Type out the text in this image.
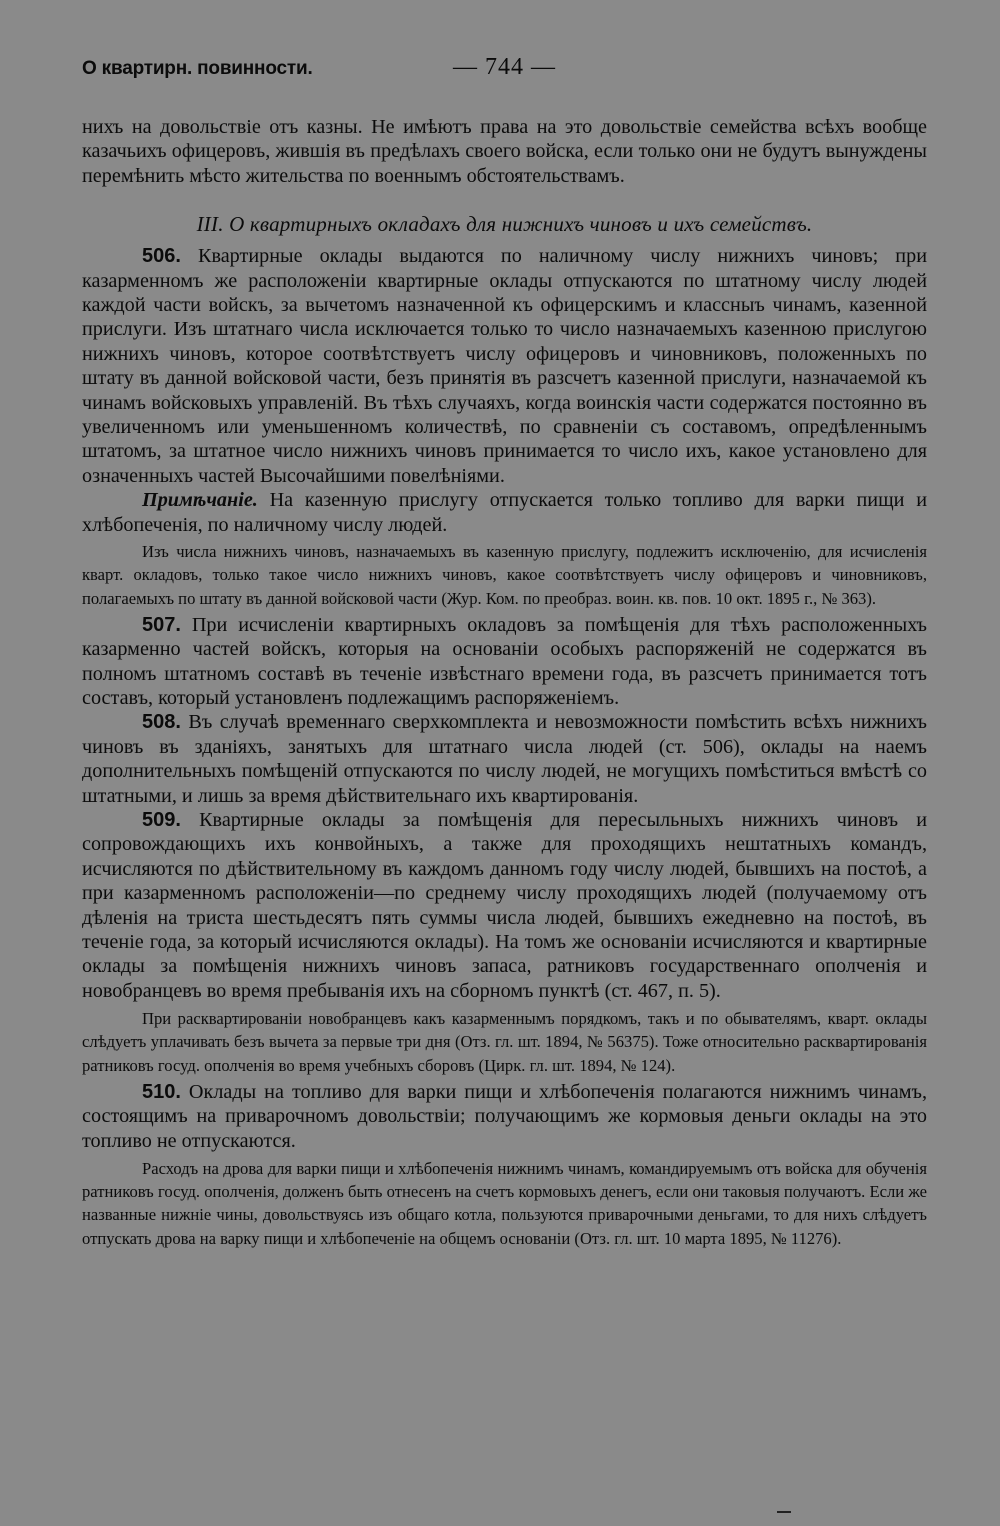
О квартирн. повинности.	— 744 —

нихъ на довольствіе отъ казны. Не имѣютъ права на это довольствіе семейства всѣхъ вообще казачьихъ офицеровъ, жившія въ предѣлахъ своего войска, если только они не будутъ вынуждены перемѣнить мѣсто жительства по военнымъ обстоятельствамъ.

III. О квартирныхъ окладахъ для нижнихъ чиновъ и ихъ семействъ.

506. Квартирные оклады выдаются по наличному числу нижнихъ чиновъ; при казарменномъ же расположеніи квартирные оклады отпускаются по штатному числу людей каждой части войскъ, за вычетомъ назначенной къ офицерскимъ и классныъ чинамъ, казенной прислуги. Изъ штатнаго числа исключается только то число назначаемыхъ казенною прислугою нижнихъ чиновъ, которое соотвѣтствуетъ числу офицеровъ и чиновниковъ, положенныхъ по штату въ данной войсковой части, безъ принятія въ разсчетъ казенной прислуги, назначаемой къ чинамъ войсковыхъ управленій. Въ тѣхъ случаяхъ, когда воинскія части содержатся постоянно въ увеличенномъ или уменьшенномъ количествѣ, по сравненіи съ составомъ, опредѣленнымъ штатомъ, за штатное число нижнихъ чиновъ принимается то число ихъ, какое установлено для означенныхъ частей Высочайшими повелѣніями.

Примѣчаніе. На казенную прислугу отпускается только топливо для варки пищи и хлѣбопеченія, по наличному числу людей.

Изъ числа нижнихъ чиновъ, назначаемыхъ въ казенную прислугу, подлежитъ исключенію, для исчисленія кварт. окладовъ, только такое число нижнихъ чиновъ, какое соотвѣтствуетъ числу офицеровъ и чиновниковъ, полагаемыхъ по штату въ данной войсковой части (Жур. Ком. по преобраз. воин. кв. пов. 10 окт. 1895 г., № 363).

507. При исчисленіи квартирныхъ окладовъ за помѣщенія для тѣхъ расположенныхъ казарменно частей войскъ, которыя на основаніи особыхъ распоряженій не содержатся въ полномъ штатномъ составѣ въ теченіе извѣстнаго времени года, въ разсчетъ принимается тотъ составъ, который установленъ подлежащимъ распоряженіемъ.

508. Въ случаѣ временнаго сверхкомплекта и невозможности помѣстить всѣхъ нижнихъ чиновъ въ зданіяхъ, занятыхъ для штатнаго числа людей (ст. 506), оклады на наемъ дополнительныхъ помѣщеній отпускаются по числу людей, не могущихъ помѣститься вмѣстѣ со штатными, и лишь за время дѣйствительнаго ихъ квартированія.

509. Квартирные оклады за помѣщенія для пересыльныхъ нижнихъ чиновъ и сопровождающихъ ихъ конвойныхъ, а также для проходящихъ нештатныхъ командъ, исчисляются по дѣйствительному въ каждомъ данномъ году числу людей, бывшихъ на постоѣ, а при казарменномъ расположеніи—по среднему числу проходящихъ людей (получаемому отъ дѣленія на триста шестьдесятъ пять суммы числа людей, бывшихъ ежедневно на постоѣ, въ теченіе года, за который исчисляются оклады). На томъ же основаніи исчисляются и квартирные оклады за помѣщенія нижнихъ чиновъ запаса, ратниковъ государственнаго ополченія и новобранцевъ во время пребыванія ихъ на сборномъ пунктѣ (ст. 467, п. 5).

При расквартированіи новобранцевъ какъ казарменнымъ порядкомъ, такъ и по обывателямъ, кварт. оклады слѣдуетъ уплачивать безъ вычета за первые три дня (Отз. гл. шт. 1894, № 56375). Тоже относительно расквартированія ратниковъ госуд. ополченія во время учебныхъ сборовъ (Цирк. гл. шт. 1894, № 124).

510. Оклады на топливо для варки пищи и хлѣбопеченія полагаются нижнимъ чинамъ, состоящимъ на приварочномъ довольствіи; получающимъ же кормовыя деньги оклады на это топливо не отпускаются.

Расходъ на дрова для варки пищи и хлѣбопеченія нижнимъ чинамъ, командируемымъ отъ войска для обученія ратниковъ госуд. ополченія, долженъ быть отнесенъ на счетъ кормовыхъ денегъ, если они таковыя получаютъ. Если же названные нижніе чины, довольствуясь изъ общаго котла, пользуются приварочными деньгами, то для нихъ слѣдуетъ отпускать дрова на варку пищи и хлѣбопеченіе на общемъ основаніи (Отз. гл. шт. 10 марта 1895, № 11276).
